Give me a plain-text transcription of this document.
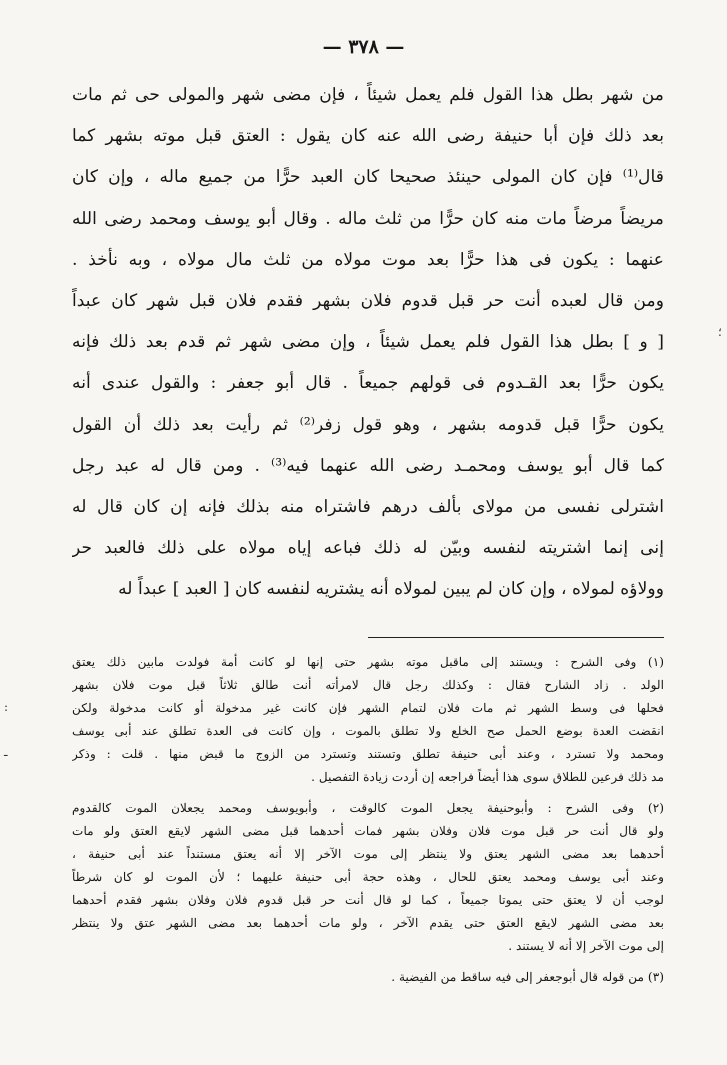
— ٣٧٨ —
من شهر بطل هذا القول فلم يعمل شيئاً ، فإن مضى شهر والمولى حى ثم مات
بعد ذلك فإن أبا حنيفة رضى الله عنه كان يقول : العتق قبل موته بشهر كما
قال⁽¹⁾ فإن كان المولى حينئذ صحيحا كان العبد حرًّا من جميع ماله ، وإن كان
مريضاً مرضاً مات منه كان حرًّا من ثلث ماله . وقال أبو يوسف ومحمد رضى الله
عنهما : يكون فى هذا حرًّا بعد موت مولاه من ثلث مال مولاه ، وبه نأخذ .
ومن قال لعبده أنت حر قبل قدوم فلان بشهر فقدم فلان قبل شهر كان عبداً
[ و ] بطل هذا القول فلم يعمل شيئاً ، وإن مضى شهر ثم قدم بعد ذلك فإنه
يكون حرًّا بعد القـدوم فى قولهم جميعاً . قال أبو جعفر : والقول عندى أنه
يكون حرًّا قبل قدومه بشهر ، وهو قول زفر⁽²⁾ ثم رأيت بعد ذلك أن القول
كما قال أبو يوسف ومحمـد رضى الله عنهما فيه⁽³⁾ . ومن قال له عبد رجل
اشترلى نفسى من مولاى بألف درهم فاشتراه منه بذلك فإنه إن كان قال له
إنى إنما اشتريته لنفسه وبيّن له ذلك فباعه إياه مولاه على ذلك فالعبد حر
وولاؤه لمولاه ، وإن كان لم يبين لمولاه أنه يشتريه لنفسه كان [ العبد ] عبداً له
(١) وفى الشرح : ويستند إلى ماقبل موته بشهر حتى إنها لو كانت أمة فولدت مابين ذلك يعتق
الولد . زاد الشارح فقال : وكذلك رجل قال لامرأته أنت طالق ثلاثاً قبل موت فلان بشهر
فحلها فى وسط الشهر ثم مات فلان لتمام الشهر فإن كانت غير مدخولة أو كانت مدخولة ولكن
انقضت العدة بوضع الحمل صح الخلع ولا تطلق بالموت ، وإن كانت فى العدة تطلق عند أبى يوسف
ومحمد ولا تسترد ، وعند أبى حنيفة تطلق وتستند وتسترد من الزوج ما قبض منها . قلت : وذكر
مد ذلك فرعين للطلاق سوى هذا أيضاً فراجعه إن أردت زيادة التفصيل .
(٢) وفى الشرح : وأبوحنيفة يجعل الموت كالوقت ، وأبويوسف ومحمد يجعلان الموت كالقدوم
ولو قال أنت حر قبل موت فلان وفلان بشهر فمات أحدهما قبل مضى الشهر لايقع العتق ولو مات
أحدهما بعد مضى الشهر يعتق ولا ينتظر إلى موت الآخر إلا أنه يعتق مستنداً عند أبى حنيفة ،
وعند أبى يوسف ومحمد يعتق للحال ، وهذه حجة أبى حنيفة عليهما ؛ لأن الموت لو كان شرطاً
لوجب أن لا يعتق حتى يموتا جميعاً ، كما لو قال أنت حر قبل قدوم فلان وفلان بشهر فقدم أحدهما
بعد مضى الشهر لايقع العتق حتى يقدم الآخر ، ولو مات أحدهما بعد مضى الشهر عتق ولا ينتظر
إلى موت الآخر إلا أنه لا يستند .
(٣) من قوله قال أبوجعفر إلى فيه ساقط من الفيضية .
؛
:
ـ
